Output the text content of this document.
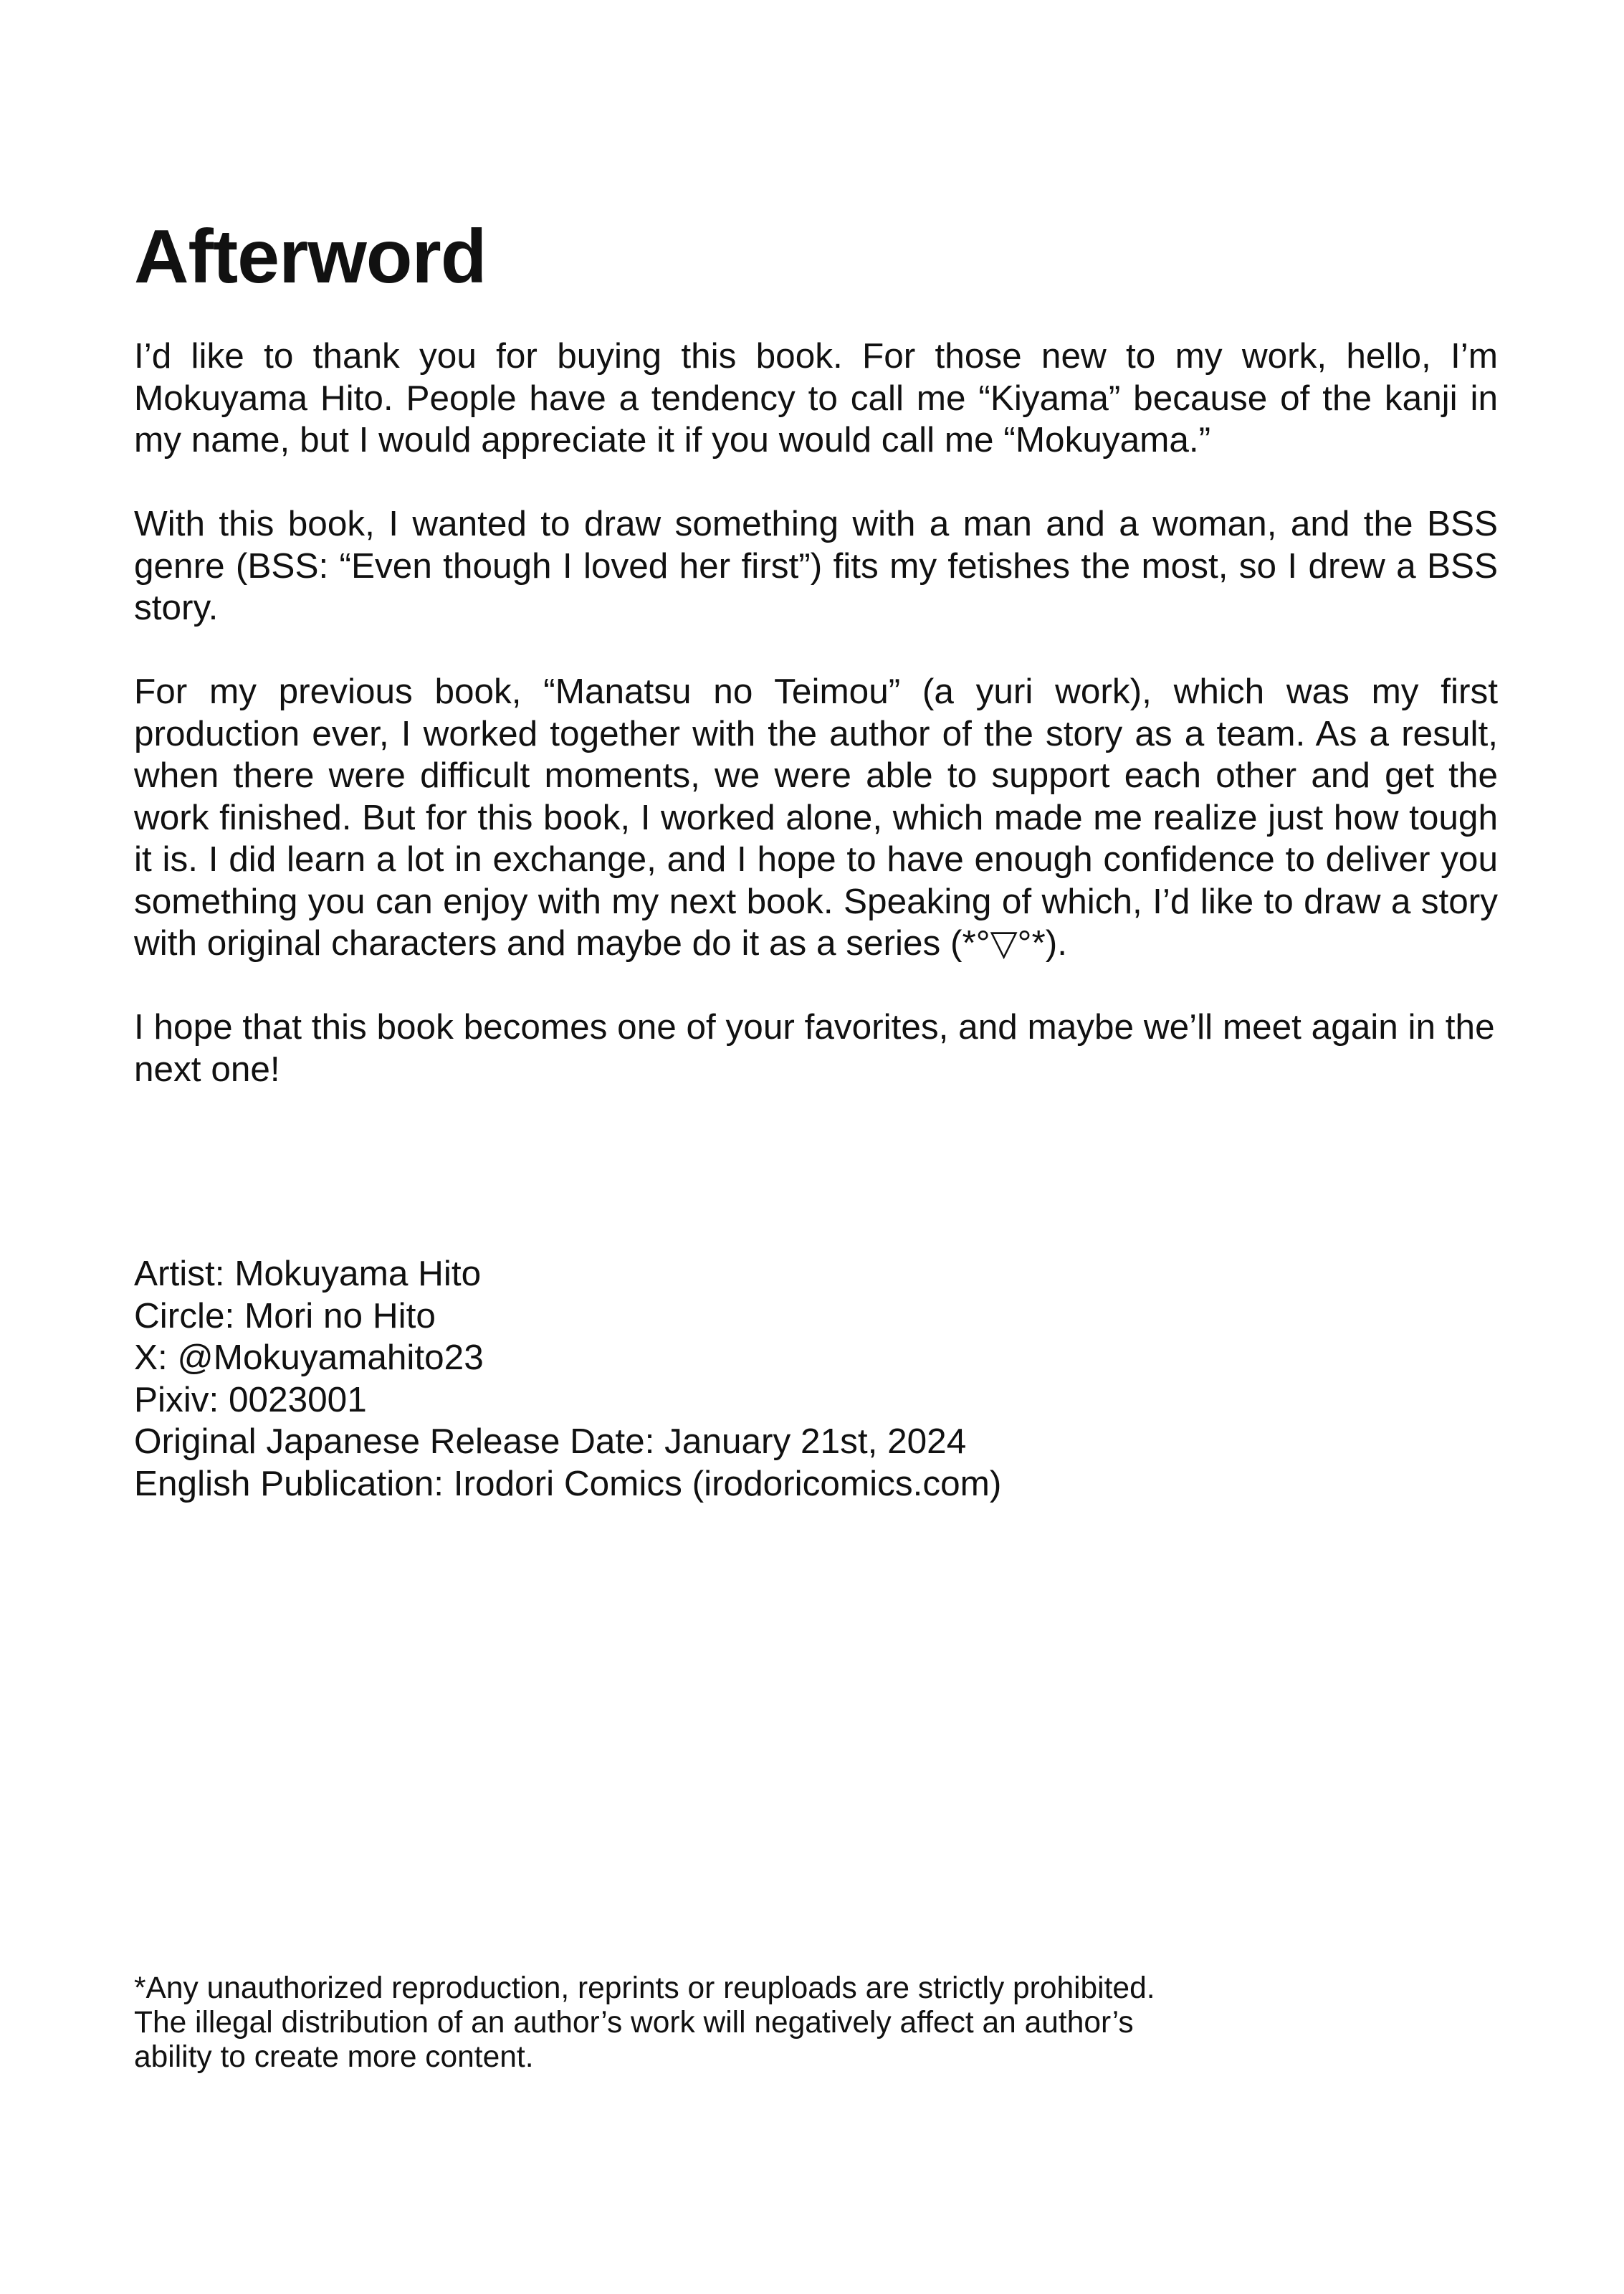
Afterword

I’d like to thank you for buying this book. For those new to my work, hello, I’m Mokuyama Hito. People have a tendency to call me “Kiyama” because of the kanji in my name, but I would appreciate it if you would call me “Mokuyama.”

With this book, I wanted to draw something with a man and a woman, and the BSS genre (BSS: “Even though I loved her first”) fits my fetishes the most, so I drew a BSS story.

For my previous book, “Manatsu no Teimou” (a yuri work), which was my first production ever, I worked together with the author of the story as a team. As a result, when there were difficult moments, we were able to support each other and get the work finished. But for this book, I worked alone, which made me realize just how tough it is. I did learn a lot in exchange, and I hope to have enough confidence to deliver you something you can enjoy with my next book. Speaking of which, I’d like to draw a story with original characters and maybe do it as a series (*°▽°*).

I hope that this book becomes one of your favorites, and maybe we’ll meet again in the next one!

Artist: Mokuyama Hito

Circle: Mori no Hito

X: @Mokuyamahito23

Pixiv: 0023001

Original Japanese Release Date: January 21st, 2024

English Publication: Irodori Comics (irodoricomics.com)

*Any unauthorized reproduction, reprints or reuploads are strictly prohibited.

The illegal distribution of an author’s work will negatively affect an author’s

ability to create more content.
